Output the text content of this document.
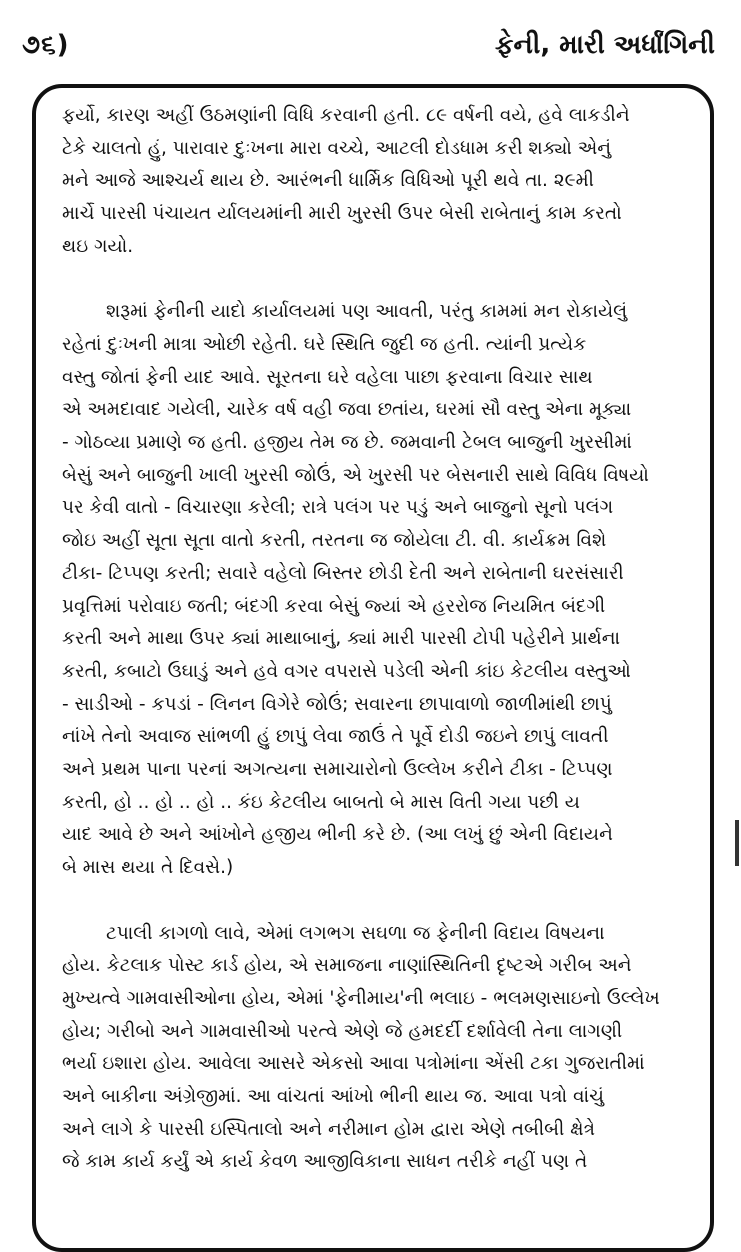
૭૬)	ફેની, મારી અર્ધાંગિની

ફર્યો, કારણ અહીં ઉઠમણાંની વિધિ કરવાની હતી. ૮૯ વર્ષની વયે, હવે લાકડીને
ટેકે ચાલતો હું, પારાવાર દુઃખના મારા વચ્ચે, આટલી દોડધામ કરી શક્યો એનું
મને આજે આશ્ચર્ય થાય છે. આરંભની ધાર્મિક વિધિઓ પૂરી થવે તા. ૨૯મી
માર્ચે પારસી પંચાયત ર્યાલયમાંની મારી ખુરસી ઉપર બેસી રાબેતાનું કામ કરતો
થઇ ગયો.

શરૂમાં ફેનીની યાદો કાર્યાલયમાં પણ આવતી, પરંતુ કામમાં મન રોકાયેલું
રહેતાં દુઃખની માત્રા ઓછી રહેતી. ઘરે સ્થિતિ જુદી જ હતી. ત્યાંની પ્રત્યેક
વસ્તુ જોતાં ફેની યાદ આવે. સૂરતના ઘરે વહેલા પાછા ફરવાના વિચાર સાથ
એ અમદાવાદ ગયેલી, ચારેક વર્ષ વહી જવા છતાંય, ઘરમાં સૌ વસ્તુ એના મૂક્યા
- ગોઠવ્યા પ્રમાણે જ હતી. હજીય તેમ જ છે. જમવાની ટેબલ બાજુની ખુરસીમાં
બેસું અને બાજુની ખાલી ખુરસી જોઉં, એ ખુરસી પર બેસનારી સાથે વિવિધ વિષયો
પર કેવી વાતો - વિચારણા કરેલી; રાત્રે પલંગ પર પડું અને બાજુનો સૂનો પલંગ
જોઇ અહીં સૂતા સૂતા વાતો કરતી, તરતના જ જોયેલા ટી. વી. કાર્યક્રમ વિશે
ટીકા- ટિપ્પણ કરતી; સવારે વહેલો બિસ્તર છોડી દેતી અને રાબેતાની ઘરસંસારી
પ્રવૃત્તિમાં પરોવાઇ જતી; બંદગી કરવા બેસું જ્યાં એ હરરોજ નિયમિત બંદગી
કરતી અને માથા ઉપર ક્યાં માથાબાનું, ક્યાં મારી પારસી ટોપી પહેરીને પ્રાર્થના
કરતી, કબાટો ઉઘાડું અને હવે વગર વપરાસે પડેલી એની કાંઇ કેટલીય વસ્તુઓ
- સાડીઓ - કપડાં - લિનન વિગેરે જોઉં; સવારના છાપાવાળો જાળીમાંથી છાપું
નાંખે તેનો અવાજ સાંભળી હું છાપું લેવા જાઉં તે પૂર્વે દોડી જઇને છાપું લાવતી
અને પ્રથમ પાના પરનાં અગત્યના સમાચારોનો ઉલ્લેખ કરીને ટીકા - ટિપ્પણ
કરતી, હો .. હો .. હો .. કંઇ કેટલીય બાબતો બે માસ વિતી ગયા પછી ય
યાદ આવે છે અને આંખોને હજીય ભીની કરે છે. (આ લખું છું એની વિદાયને
બે માસ થયા તે દિવસે.)

ટપાલી કાગળો લાવે, એમાં લગભગ સઘળા જ ફેનીની વિદાય વિષયના
હોય. કેટલાક પોસ્ટ કાર્ડ હોય, એ સમાજના નાણાંસ્થિતિની દૃષ્ટએ ગરીબ અને
મુખ્યત્વે ગામવાસીઓના હોય, એમાં 'ફેનીમાય'ની ભલાઇ - ભલમણસાઇનો ઉલ્લેખ
હોય; ગરીબો અને ગામવાસીઓ પરત્વે એણે જે હમદર્દી દર્શાવેલી તેના લાગણી
ભર્યા ઇશારા હોય. આવેલા આસરે એકસો આવા પત્રોમાંના એંસી ટકા ગુજરાતીમાં
અને બાકીના અંગ્રેજીમાં. આ વાંચતાં આંખો ભીની થાય જ. આવા પત્રો વાંચું
અને લાગે કે પારસી ઇસ્પિતાલો અને નરીમાન હોમ દ્વારા એણે તબીબી ક્ષેત્રે
જે કામ કાર્ય કર્યું એ કાર્ય કેવળ આજીવિકાના સાધન તરીકે નહીં પણ તે
